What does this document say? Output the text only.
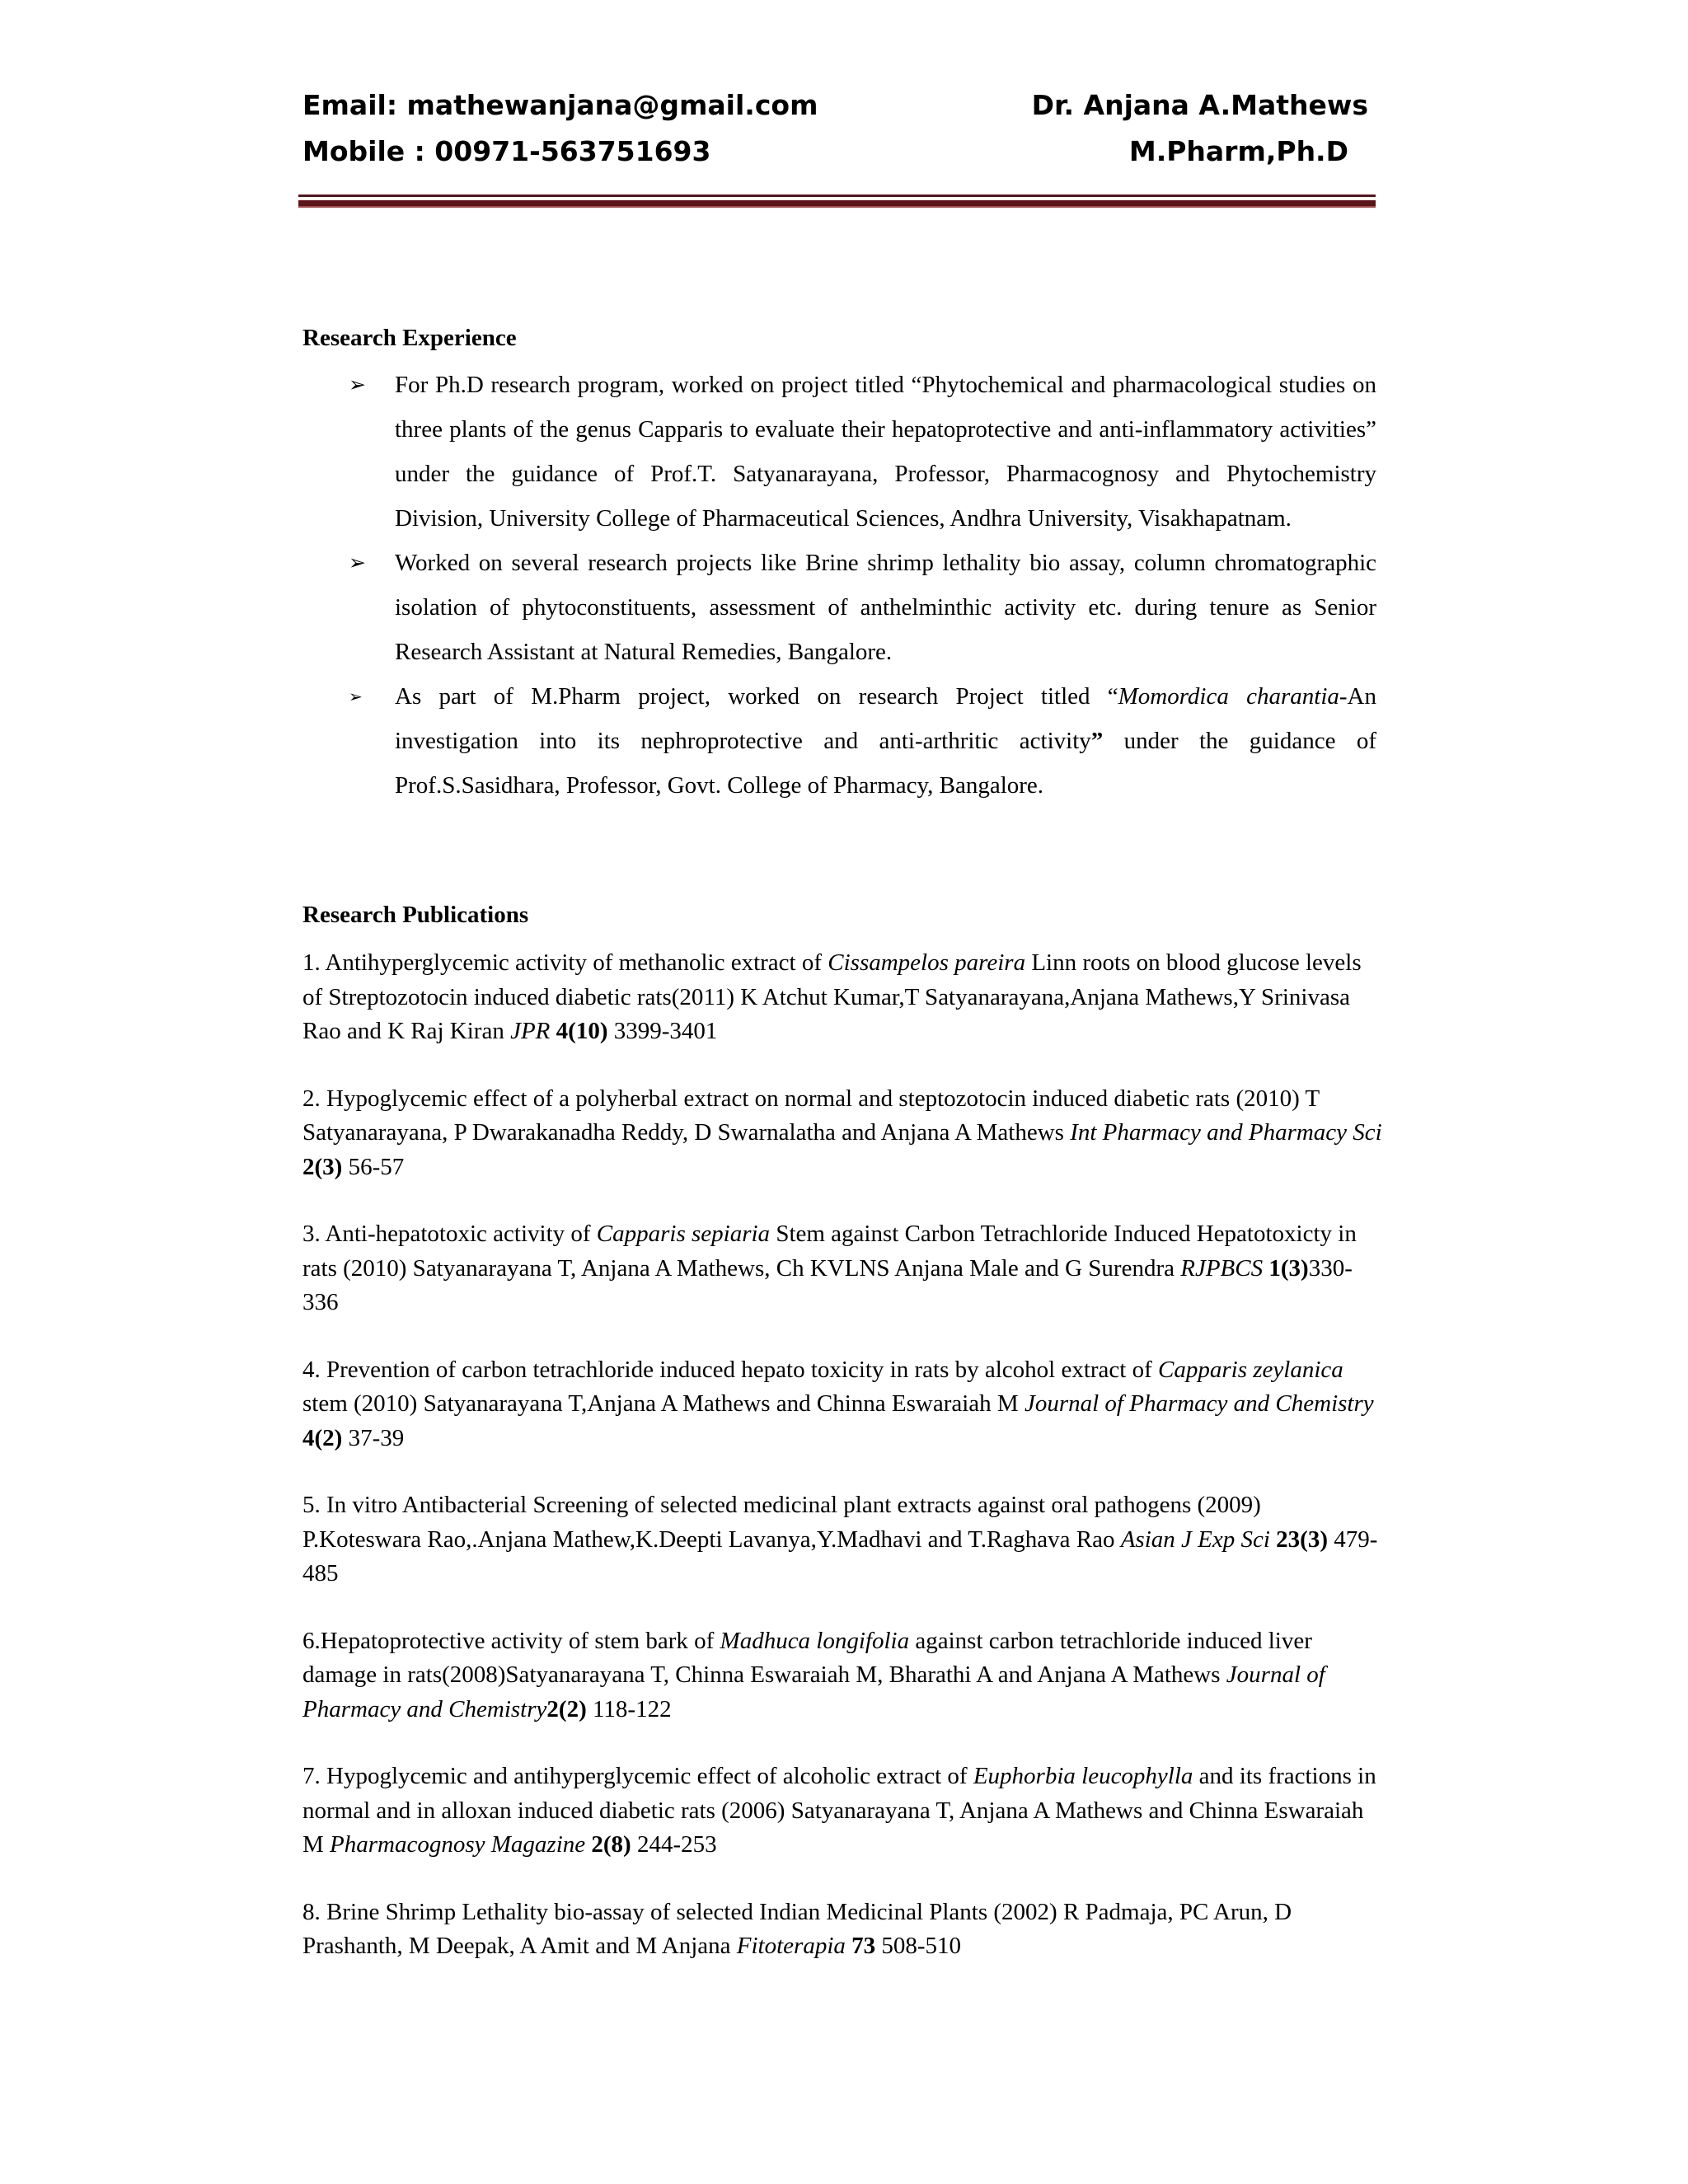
Email: mathewanjana@gmail.com	Dr. Anjana A.Mathews
Mobile : 00971-563751693	M.Pharm,Ph.D
Research Experience
➢	For Ph.D research program, worked on project titled “Phytochemical and pharmacological studies on three plants of the genus Capparis to evaluate their hepatoprotective and anti-inflammatory activities” under the guidance of Prof.T. Satyanarayana, Professor, Pharmacognosy and Phytochemistry Division, University College of Pharmaceutical Sciences, Andhra University, Visakhapatnam.
➢	Worked on several research projects like Brine shrimp lethality bio assay, column chromatographic isolation of phytoconstituents, assessment of anthelminthic activity etc. during tenure as Senior Research Assistant at Natural Remedies, Bangalore.
➢	As part of M.Pharm project, worked on research Project titled “Momordica charantia-An investigation into its nephroprotective and anti-arthritic activity” under the guidance of Prof.S.Sasidhara, Professor, Govt. College of Pharmacy, Bangalore.
Research Publications
1. Antihyperglycemic activity of methanolic extract of Cissampelos pareira Linn roots on blood glucose levels of Streptozotocin induced diabetic rats(2011) K Atchut Kumar,T Satyanarayana,Anjana Mathews,Y Srinivasa Rao and K Raj Kiran JPR 4(10) 3399-3401
2. Hypoglycemic effect of a polyherbal extract on normal and steptozotocin induced diabetic rats (2010) T Satyanarayana, P Dwarakanadha Reddy, D Swarnalatha and Anjana A Mathews Int Pharmacy and Pharmacy Sci 2(3) 56-57
3. Anti-hepatotoxic activity of Capparis sepiaria Stem against Carbon Tetrachloride Induced Hepatotoxicty in rats (2010) Satyanarayana T, Anjana A Mathews, Ch KVLNS Anjana Male and G Surendra RJPBCS 1(3)330-336
4. Prevention of carbon tetrachloride induced hepato toxicity in rats by alcohol extract of Capparis zeylanica stem (2010) Satyanarayana T,Anjana A Mathews and Chinna Eswaraiah M Journal of Pharmacy and Chemistry 4(2) 37-39
5. In vitro Antibacterial Screening of selected medicinal plant extracts against oral pathogens (2009) P.Koteswara Rao,.Anjana Mathew,K.Deepti Lavanya,Y.Madhavi and T.Raghava Rao Asian J Exp Sci 23(3) 479-485
6.Hepatoprotective activity of stem bark of Madhuca longifolia against carbon tetrachloride induced liver damage in rats(2008)Satyanarayana T, Chinna Eswaraiah M, Bharathi A and Anjana A Mathews Journal of Pharmacy and Chemistry2(2) 118-122
7. Hypoglycemic and antihyperglycemic effect of alcoholic extract of Euphorbia leucophylla and its fractions in normal and in alloxan induced diabetic rats (2006) Satyanarayana T, Anjana A Mathews and Chinna Eswaraiah M Pharmacognosy Magazine 2(8) 244-253
8. Brine Shrimp Lethality bio-assay of selected Indian Medicinal Plants (2002) R Padmaja, PC Arun, D Prashanth, M Deepak, A Amit and M Anjana Fitoterapia 73 508-510
